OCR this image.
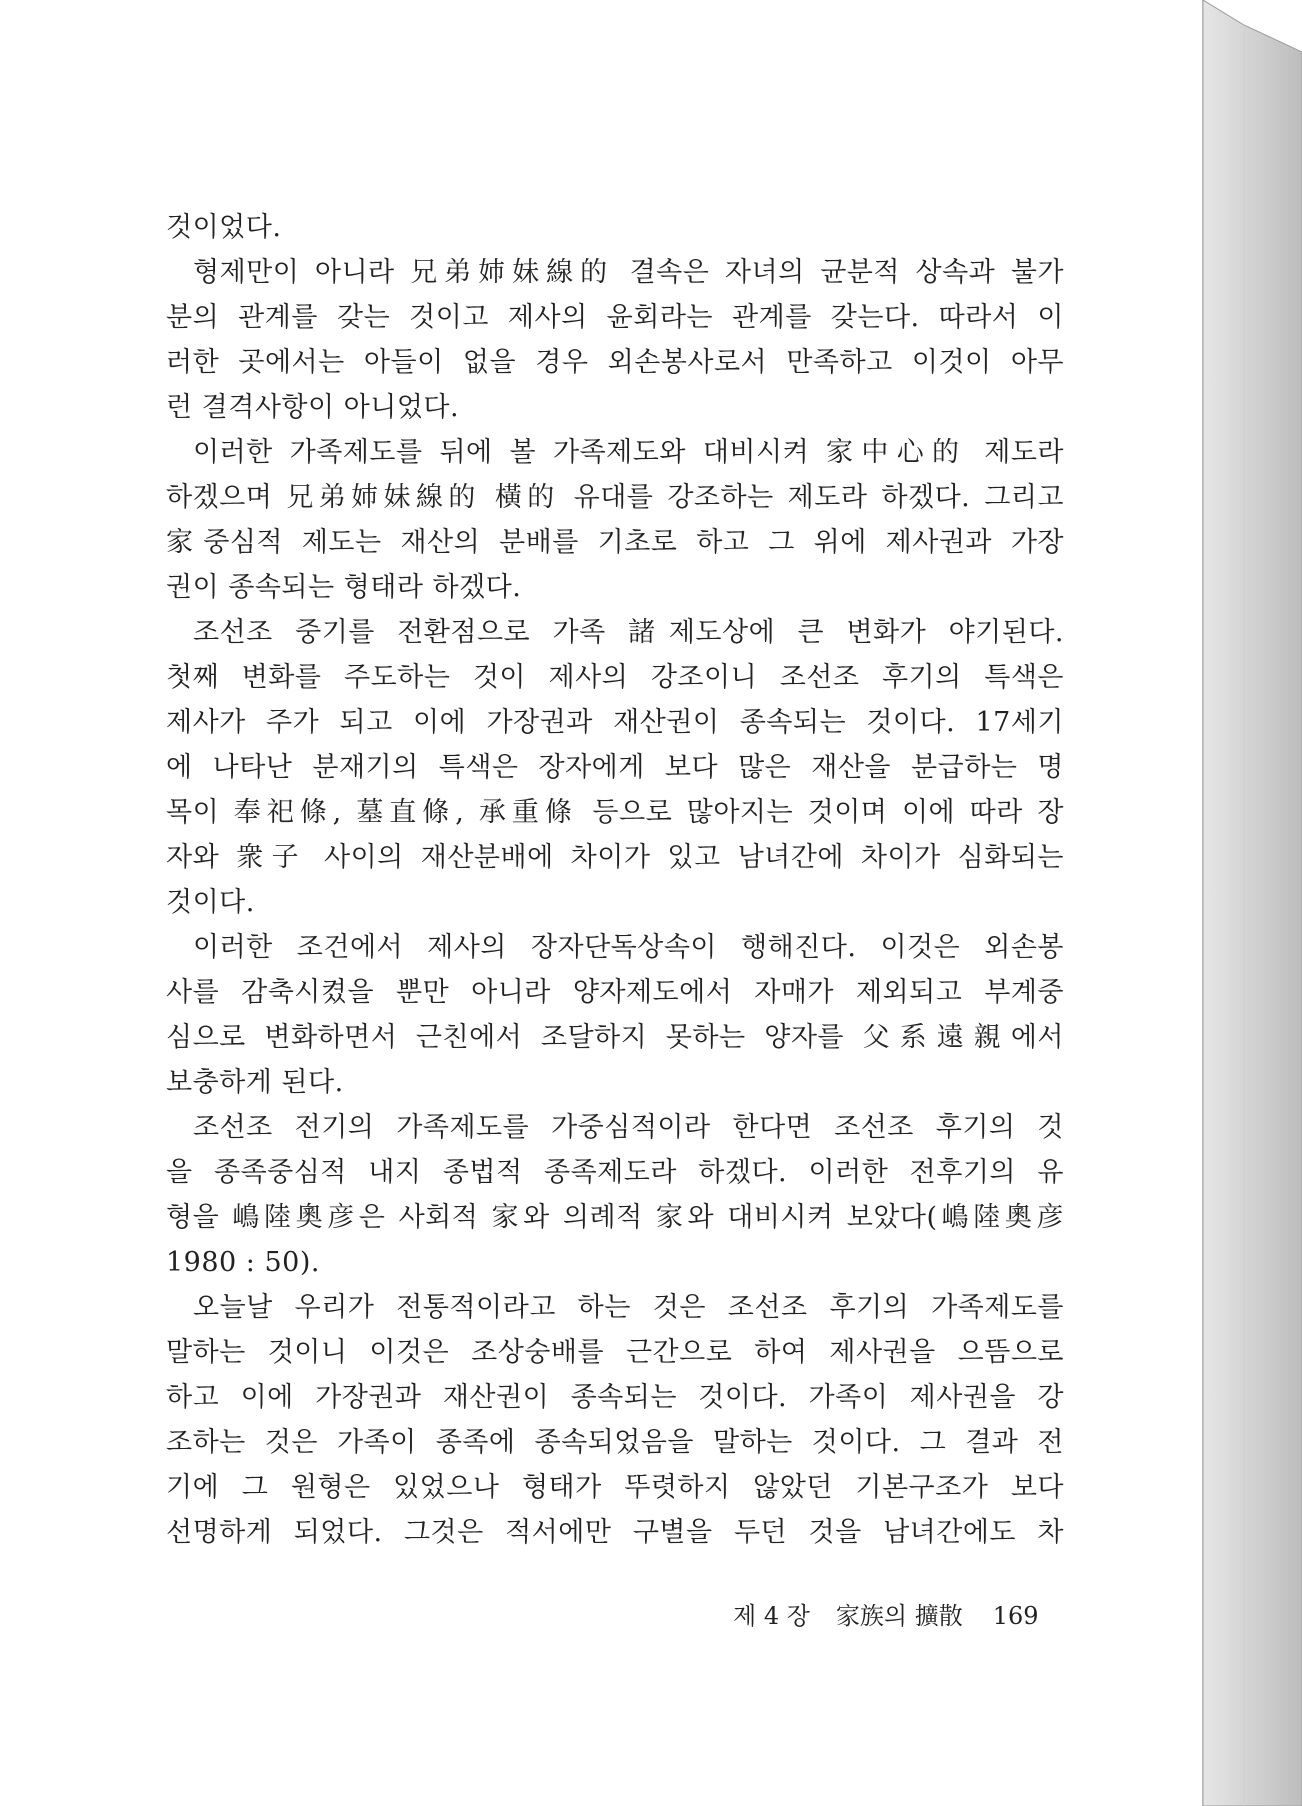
것이었다.
형제만이 아니라 兄弟姉妹線的 결속은 자녀의 균분적 상속과 불가
분의 관계를 갖는 것이고 제사의 윤회라는 관계를 갖는다. 따라서 이
러한 곳에서는 아들이 없을 경우 외손봉사로서 만족하고 이것이 아무
런 결격사항이 아니었다.
이러한 가족제도를 뒤에 볼 가족제도와 대비시켜 家中心的 제도라
하겠으며 兄弟姉妹線的 橫的 유대를 강조하는 제도라 하겠다. 그리고
家중심적 제도는 재산의 분배를 기초로 하고 그 위에 제사권과 가장
권이 종속되는 형태라 하겠다.
조선조 중기를 전환점으로 가족 諸제도상에 큰 변화가 야기된다.
첫째 변화를 주도하는 것이 제사의 강조이니 조선조 후기의 특색은
제사가 주가 되고 이에 가장권과 재산권이 종속되는 것이다. 17세기
에 나타난 분재기의 특색은 장자에게 보다 많은 재산을 분급하는 명
목이 奉祀條, 墓直條, 承重條 등으로 많아지는 것이며 이에 따라 장
자와 衆子 사이의 재산분배에 차이가 있고 남녀간에 차이가 심화되는
것이다.
이러한 조건에서 제사의 장자단독상속이 행해진다. 이것은 외손봉
사를 감축시켰을 뿐만 아니라 양자제도에서 자매가 제외되고 부계중
심으로 변화하면서 근친에서 조달하지 못하는 양자를 父系遠親에서
보충하게 된다.
조선조 전기의 가족제도를 가중심적이라 한다면 조선조 후기의 것
을 종족중심적 내지 종법적 종족제도라 하겠다. 이러한 전후기의 유
형을 嶋陸奧彦은 사회적 家와 의례적 家와 대비시켜 보았다(嶋陸奧彦
1980 : 50).
오늘날 우리가 전통적이라고 하는 것은 조선조 후기의 가족제도를
말하는 것이니 이것은 조상숭배를 근간으로 하여 제사권을 으뜸으로
하고 이에 가장권과 재산권이 종속되는 것이다. 가족이 제사권을 강
조하는 것은 가족이 종족에 종속되었음을 말하는 것이다. 그 결과 전
기에 그 원형은 있었으나 형태가 뚜렷하지 않았던 기본구조가 보다
선명하게 되었다. 그것은 적서에만 구별을 두던 것을 남녀간에도 차
제 4 장 家族의 擴散 169
